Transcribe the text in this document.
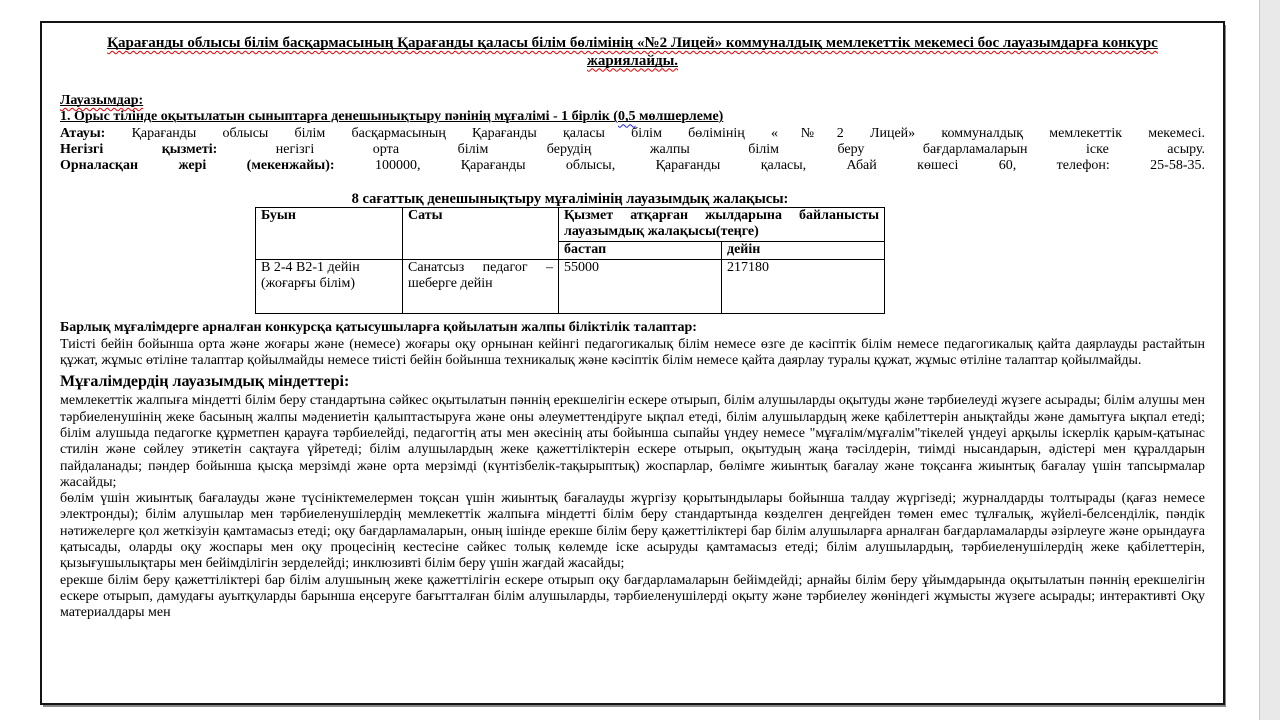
Қарағанды облысы білім басқармасының Қарағанды қаласы білім бөлімінің «№2 Лицей» коммуналдық мемлекеттік мекемесі бос лауазымдарға конкурс жариялайды.

Лауазымдар:

1. Орыс тілінде оқытылатын сыныптарға денешынықтыру пәнінің мұғалімі - 1 бірлік (0,5 мөлшерлеме)

Атауы: Қарағанды облысы білім басқармасының Қарағанды қаласы білім бөлімінің «№2 Лицей» коммуналдық мемлекеттік мекемесі.

Негізгі қызметі:	негізгі орта білім берудің жалпы білім беру бағдарламаларын іске асыру.

Орналасқан жері (мекенжайы):	100000, Қарағанды облысы, Қарағанды қаласы, Абай көшесі 60, телефон: 25-58-35.

8 сағаттық денешынықтыру мұғалімінің лауазымдық жалақысы:
Буын	Саты	Қызмет атқарған жылдарына байланысты лауазымдық жалақысы(теңге)	
		бастап	дейін
В 2-4 В2-1 дейін (жоғарғы білім)	Санатсыз педагог – шеберге дейін	55000	217180

Барлық мұғалімдерге арналған конкурсқа қатысушыларға қойылатын жалпы біліктілік талаптар:

Тиісті бейін бойынша орта және жоғары және (немесе) жоғары оқу орнынан кейінгі педагогикалық білім немесе өзге де кәсіптік білім немесе педагогикалық қайта даярлауды растайтын құжат, жұмыс өтіліне талаптар қойылмайды немесе тиісті бейін бойынша техникалық және кәсіптік білім немесе қайта даярлау туралы құжат, жұмыс өтіліне талаптар қойылмайды.

Мұғалімдердің лауазымдық міндеттері:

мемлекеттік жалпыға міндетті білім беру стандартына сәйкес оқытылатын пәннің ерекшелігін ескере отырып, білім алушыларды оқытуды және тәрбиелеуді жүзеге асырады; білім алушы мен тәрбиеленушінің жеке басының жалпы мәдениетін қалыптастыруға және оны әлеуметтендіруге ықпал етеді, білім алушылардың жеке қабілеттерін анықтайды және дамытуға ықпал етеді; білім алушыда педагогке құрметпен қарауға тәрбиелейді, педагогтің аты мен әкесінің аты бойынша сыпайы үндеу немесе "мұғалім/мұғалім"тікелей үндеуі арқылы іскерлік қарым-қатынас стилін және сөйлеу этикетін сақтауға үйретеді; білім алушылардың жеке қажеттіліктерін ескере отырып, оқытудың жаңа тәсілдерін, тиімді нысандарын, әдістері мен құралдарын пайдаланады; пәндер бойынша қысқа мерзімді және орта мерзімді (күнтізбелік-тақырыптық) жоспарлар, бөлімге жиынтық бағалау және тоқсанға жиынтық бағалау үшін тапсырмалар жасайды;

бөлім үшін жиынтық бағалауды және түсініктемелермен тоқсан үшін жиынтық бағалауды жүргізу қорытындылары бойынша талдау жүргізеді; журналдарды толтырады (қағаз немесе электронды); білім алушылар мен тәрбиеленушілердің мемлекеттік жалпыға міндетті білім беру стандартында көзделген деңгейден төмен емес тұлғалық, жүйелі-белсенділік, пәндік нәтижелерге қол жеткізуін қамтамасыз етеді; оқу бағдарламаларын, оның ішінде ерекше білім беру қажеттіліктері бар білім алушыларға арналған бағдарламаларды әзірлеуге және орындауға қатысады, оларды оқу жоспары мен оқу процесінің кестесіне сәйкес толық көлемде іске асыруды қамтамасыз етеді; білім алушылардың, тәрбиеленушілердің жеке қабілеттерін, қызығушылықтары мен бейімділігін зерделейді; инклюзивті білім беру үшін жағдай жасайды;

ерекше білім беру қажеттіліктері бар білім алушының жеке қажеттілігін ескере отырып оқу бағдарламаларын бейімдейді; арнайы білім беру ұйымдарында оқытылатын пәннің ерекшелігін ескере отырып, дамудағы ауытқуларды барынша еңсеруге бағытталған білім алушыларды, тәрбиеленушілерді оқыту және тәрбиелеу жөніндегі жұмысты жүзеге асырады; интерактивті Оқу материалдары мен
